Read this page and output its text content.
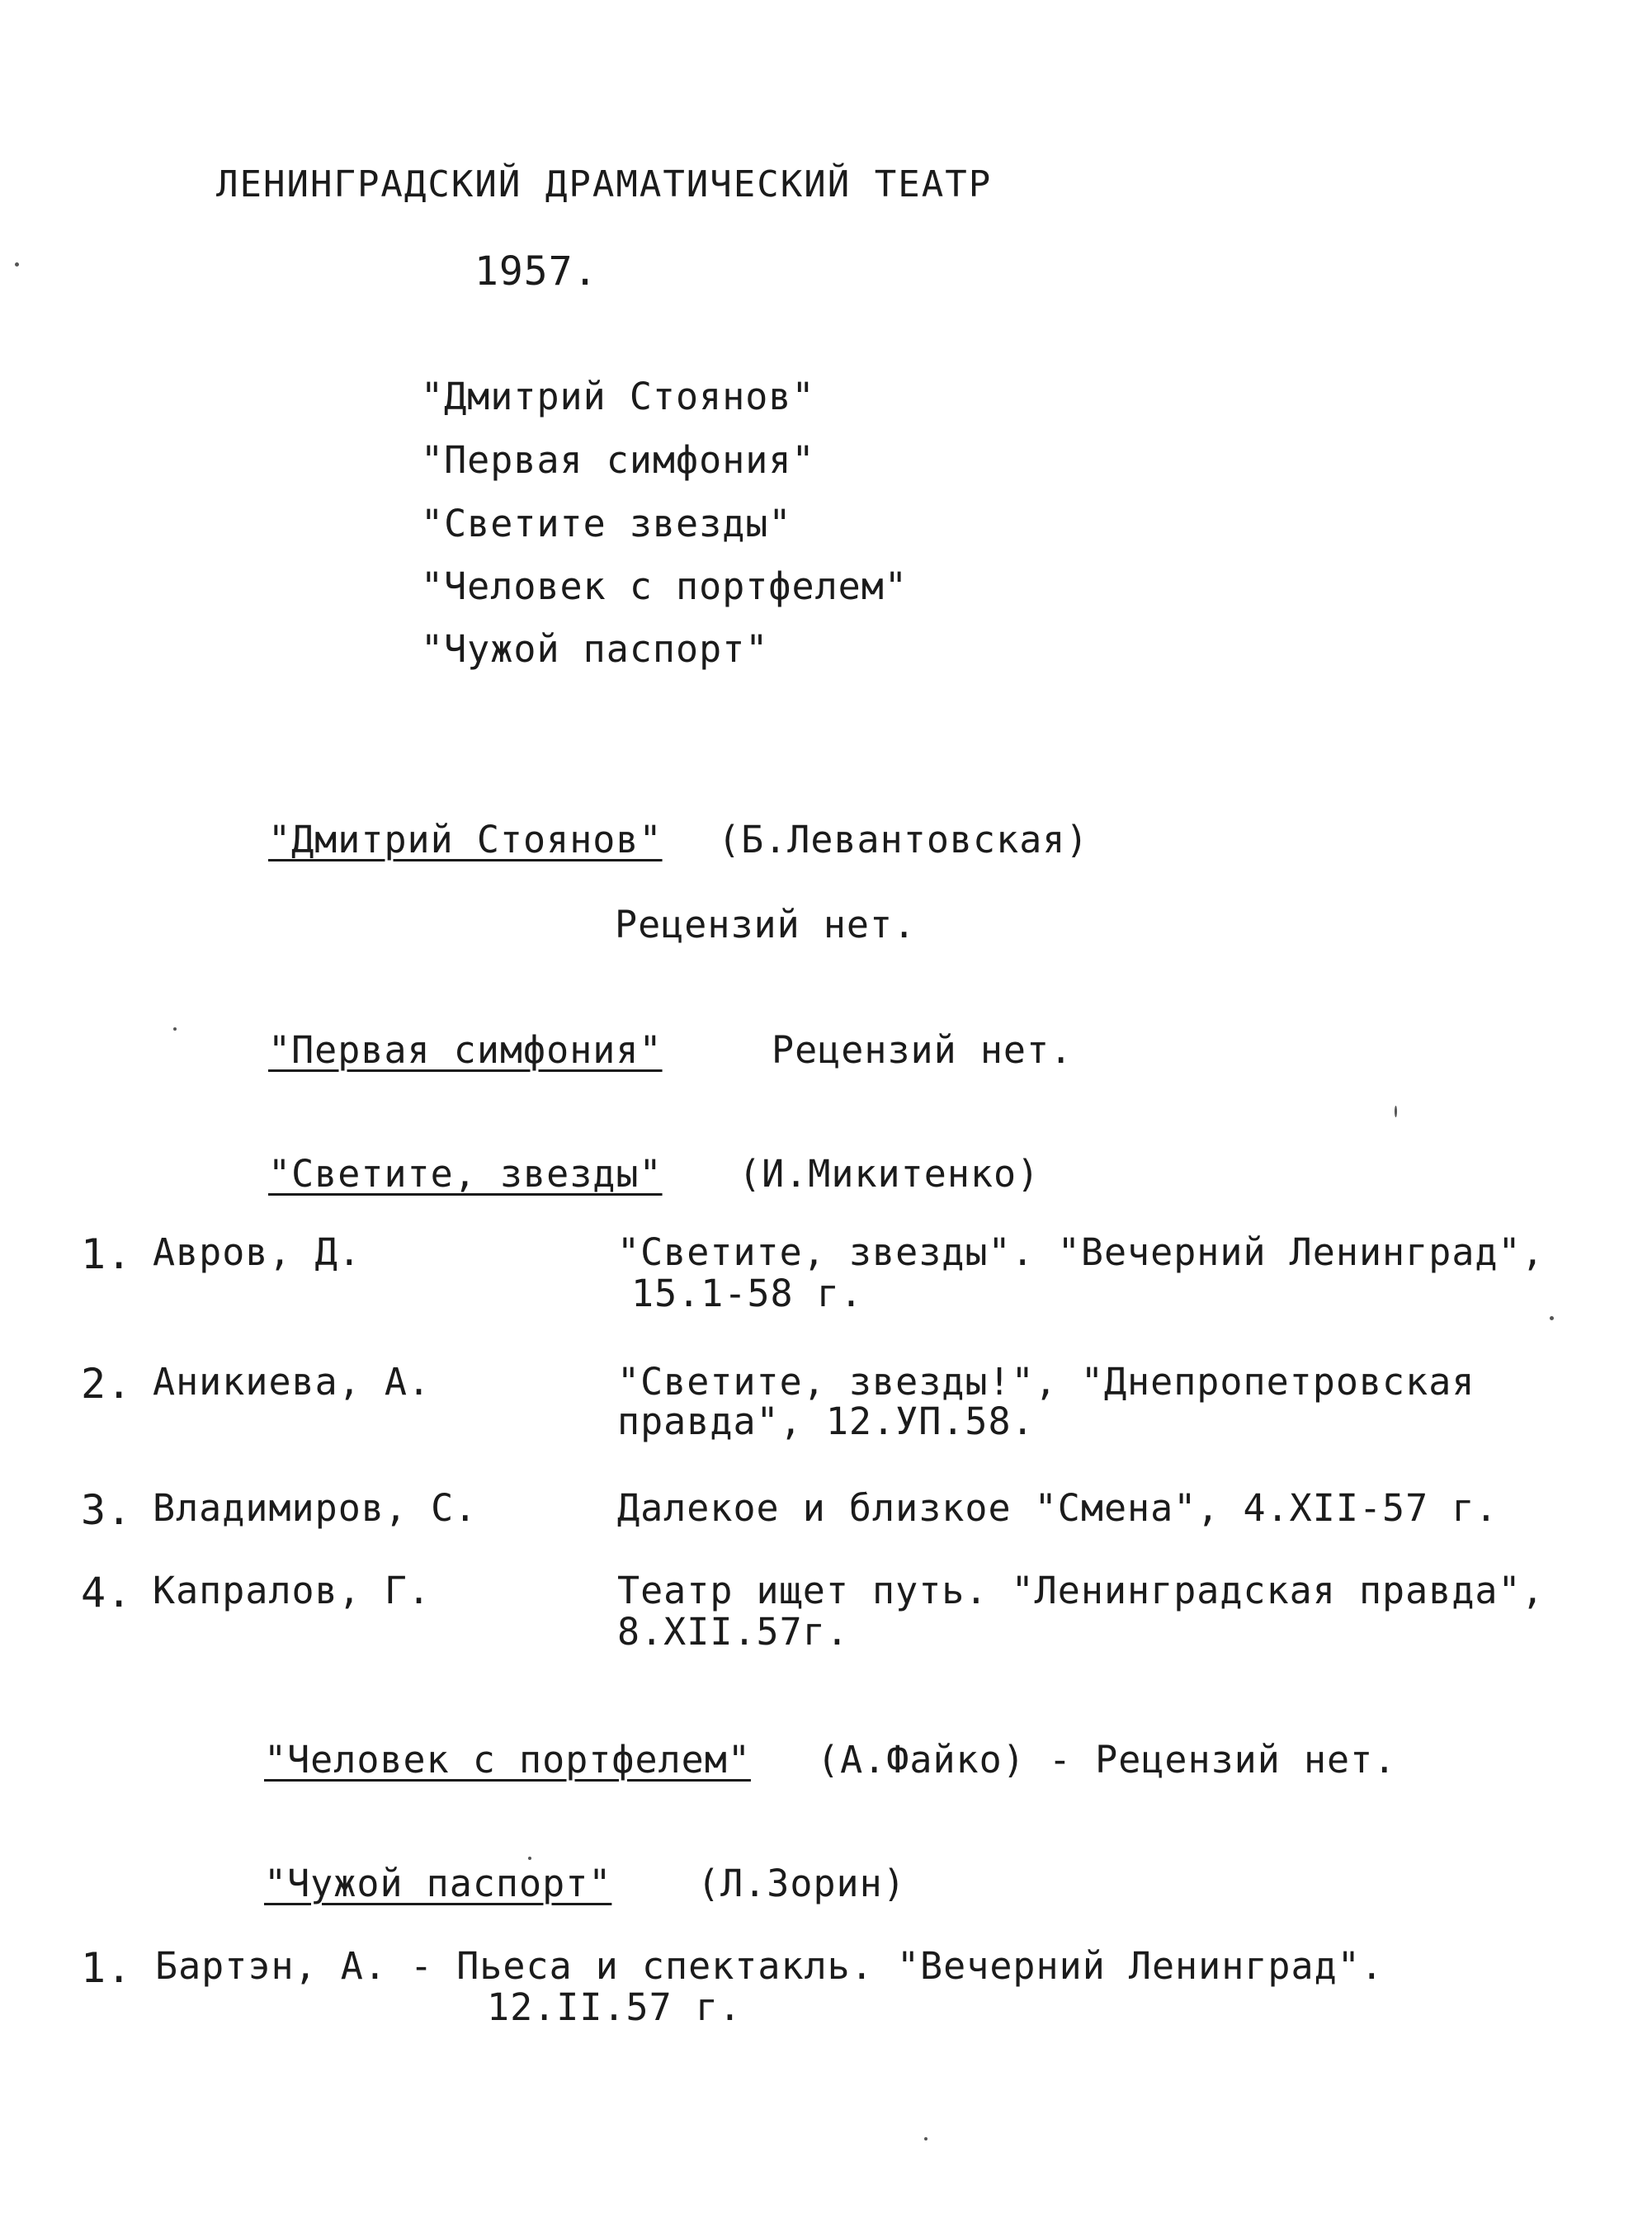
ЛЕНИНГРАДСКИЙ ДРАМАТИЧЕСКИЙ ТЕАТР
1957.
"Дмитрий Стоянов"
"Первая симфония"
"Светите звезды"
"Человек с портфелем"
"Чужой паспорт"
"Дмитрий Стоянов" (Б.Левантовская)
Рецензий нет.
"Первая симфония"	Рецензий нет.
"Светите, звезды" (И.Микитенко)
1. Авров, Д.	"Светите, звезды". "Вечерний Ленинград",
15.1-58 г.
2. Аникиева, А.	"Светите, звезды!", "Днепропетровская
правда", 12.УП.58.
3. Владимиров, С.	Далекое и близкое "Смена", 4.XII-57 г.
4. Капралов, Г.	Театр ищет путь. "Ленинградская правда",
8.XII.57г.
"Человек с портфелем" (А.Файко) - Рецензий нет.
"Чужой паспорт" (Л.Зорин)
1. Бартэн, А. - Пьеса и спектакль. "Вечерний Ленинград".
12.II.57 г.
